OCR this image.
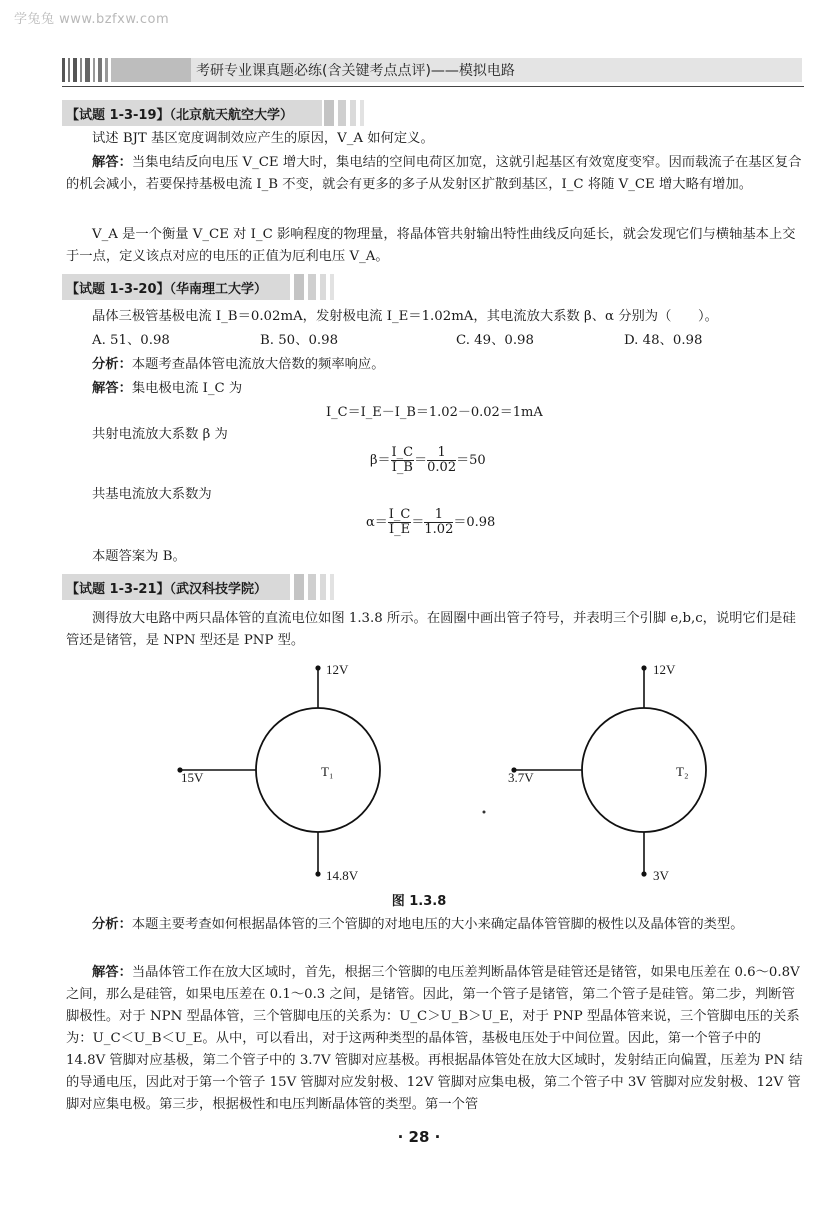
学兔兔 www.bzfxw.com
考研专业课真题必练(含关键考点点评)——模拟电路
【试题 1-3-19】（北京航天航空大学）
试述 BJT 基区宽度调制效应产生的原因，V_A 如何定义。
解答：当集电结反向电压 V_CE 增大时，集电结的空间电荷区加宽，这就引起基区有效宽度变窄。因而载流子在基区复合的机会减小，若要保持基极电流 I_B 不变，就会有更多的多子从发射区扩散到基区，I_C 将随 V_CE 增大略有增加。
V_A 是一个衡量 V_CE 对 I_C 影响程度的物理量，将晶体管共射输出特性曲线反向延长，就会发现它们与横轴基本上交于一点，定义该点对应的电压的正值为厄利电压 V_A。
【试题 1-3-20】（华南理工大学）
晶体三极管基极电流 I_B＝0.02mA，发射极电流 I_E＝1.02mA，其电流放大系数 β、α 分别为（　　）。
A. 51、0.98	B. 50、0.98	C. 49、0.98	D. 48、0.98
分析：本题考查晶体管电流放大倍数的频率响应。
解答：集电极电流 I_C 为
I_C＝I_E－I_B＝1.02－0.02＝1mA
共射电流放大系数 β 为
$\beta= \frac{I\_C}{I\_B} = \frac{1}{0.02} =50$
共基电流放大系数为
$\alpha= \frac{I\_C}{I\_E} = \frac{1}{1.02} =0.98$
本题答案为 B。
【试题 1-3-21】（武汉科技学院）
测得放大电路中两只晶体管的直流电位如图 1.3.8 所示。在圆圈中画出管子符号，并表明三个引脚 e,b,c，说明它们是硅管还是锗管，是 NPN 型还是 PNP 型。
12V
15V	T₁
14.8V
12V
3.7V	T₂
3V
图 1.3.8
分析：本题主要考查如何根据晶体管的三个管脚的对地电压的大小来确定晶体管管脚的极性以及晶体管的类型。
解答：当晶体管工作在放大区域时，首先，根据三个管脚的电压差判断晶体管是硅管还是锗管，如果电压差在 0.6～0.8V 之间，那么是硅管，如果电压差在 0.1～0.3 之间，是锗管。因此，第一个管子是锗管，第二个管子是硅管。第二步，判断管脚极性。对于 NPN 型晶体管，三个管脚电压的关系为：U_C＞U_B＞U_E，对于 PNP 型晶体管来说，三个管脚电压的关系为：U_C＜U_B＜U_E。从中，可以看出，对于这两种类型的晶体管，基极电压处于中间位置。因此，第一个管子中的 14.8V 管脚对应基极，第二个管子中的 3.7V 管脚对应基极。再根据晶体管处在放大区域时，发射结正向偏置，压差为 PN 结的导通电压，因此对于第一个管子 15V 管脚对应发射极、12V 管脚对应集电极，第二个管子中 3V 管脚对应发射极、12V 管脚对应集电极。第三步，根据极性和电压判断晶体管的类型。第一个管
· 28 ·
